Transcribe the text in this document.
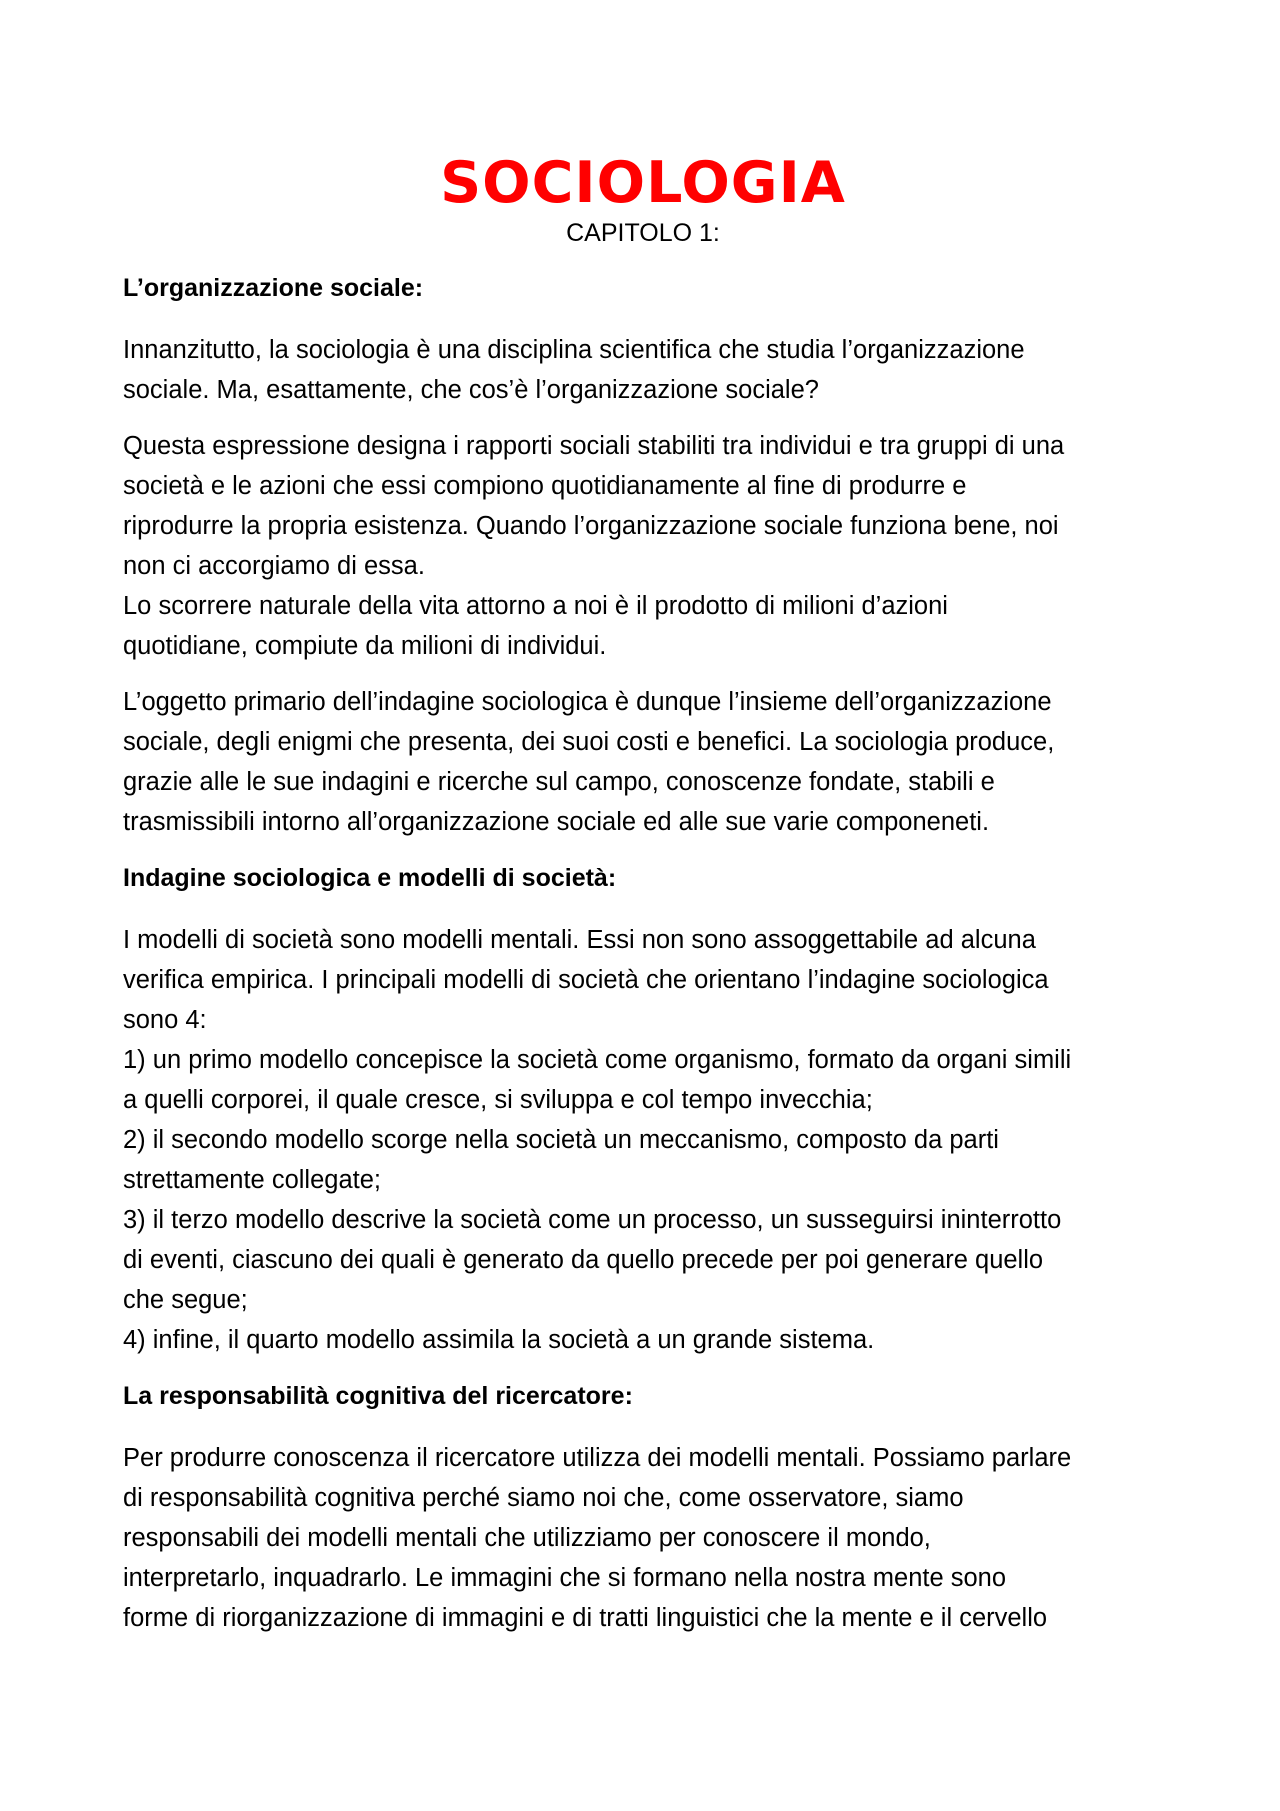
SOCIOLOGIA
CAPITOLO 1:
L’organizzazione sociale:
Innanzitutto, la sociologia è una disciplina scientifica che studia l’organizzazione
sociale. Ma, esattamente, che cos’è l’organizzazione sociale?
Questa espressione designa i rapporti sociali stabiliti tra individui e tra gruppi di una
società e le azioni che essi compiono quotidianamente al fine di produrre e
riprodurre la propria esistenza. Quando l’organizzazione sociale funziona bene, noi
non ci accorgiamo di essa.
Lo scorrere naturale della vita attorno a noi è il prodotto di milioni d’azioni
quotidiane, compiute da milioni di individui.
L’oggetto primario dell’indagine sociologica è dunque l’insieme dell’organizzazione
sociale, degli enigmi che presenta, dei suoi costi e benefici. La sociologia produce,
grazie alle le sue indagini e ricerche sul campo, conoscenze fondate, stabili e
trasmissibili intorno all’organizzazione sociale ed alle sue varie componeneti.
Indagine sociologica e modelli di società:
I modelli di società sono modelli mentali. Essi non sono assoggettabile ad alcuna
verifica empirica. I principali modelli di società che orientano l’indagine sociologica
sono 4:
1) un primo modello concepisce la società come organismo, formato da organi simili
a quelli corporei, il quale cresce, si sviluppa e col tempo invecchia;
2) il secondo modello scorge nella società un meccanismo, composto da parti
strettamente collegate;
3) il terzo modello descrive la società come un processo, un susseguirsi ininterrotto
di eventi, ciascuno dei quali è generato da quello precede per poi generare quello
che segue;
4) infine, il quarto modello assimila la società a un grande sistema.
La responsabilità cognitiva del ricercatore:
Per produrre conoscenza il ricercatore utilizza dei modelli mentali. Possiamo parlare
di responsabilità cognitiva perché siamo noi che, come osservatore, siamo
responsabili dei modelli mentali che utilizziamo per conoscere il mondo,
interpretarlo, inquadrarlo. Le immagini che si formano nella nostra mente sono
forme di riorganizzazione di immagini e di tratti linguistici che la mente e il cervello
